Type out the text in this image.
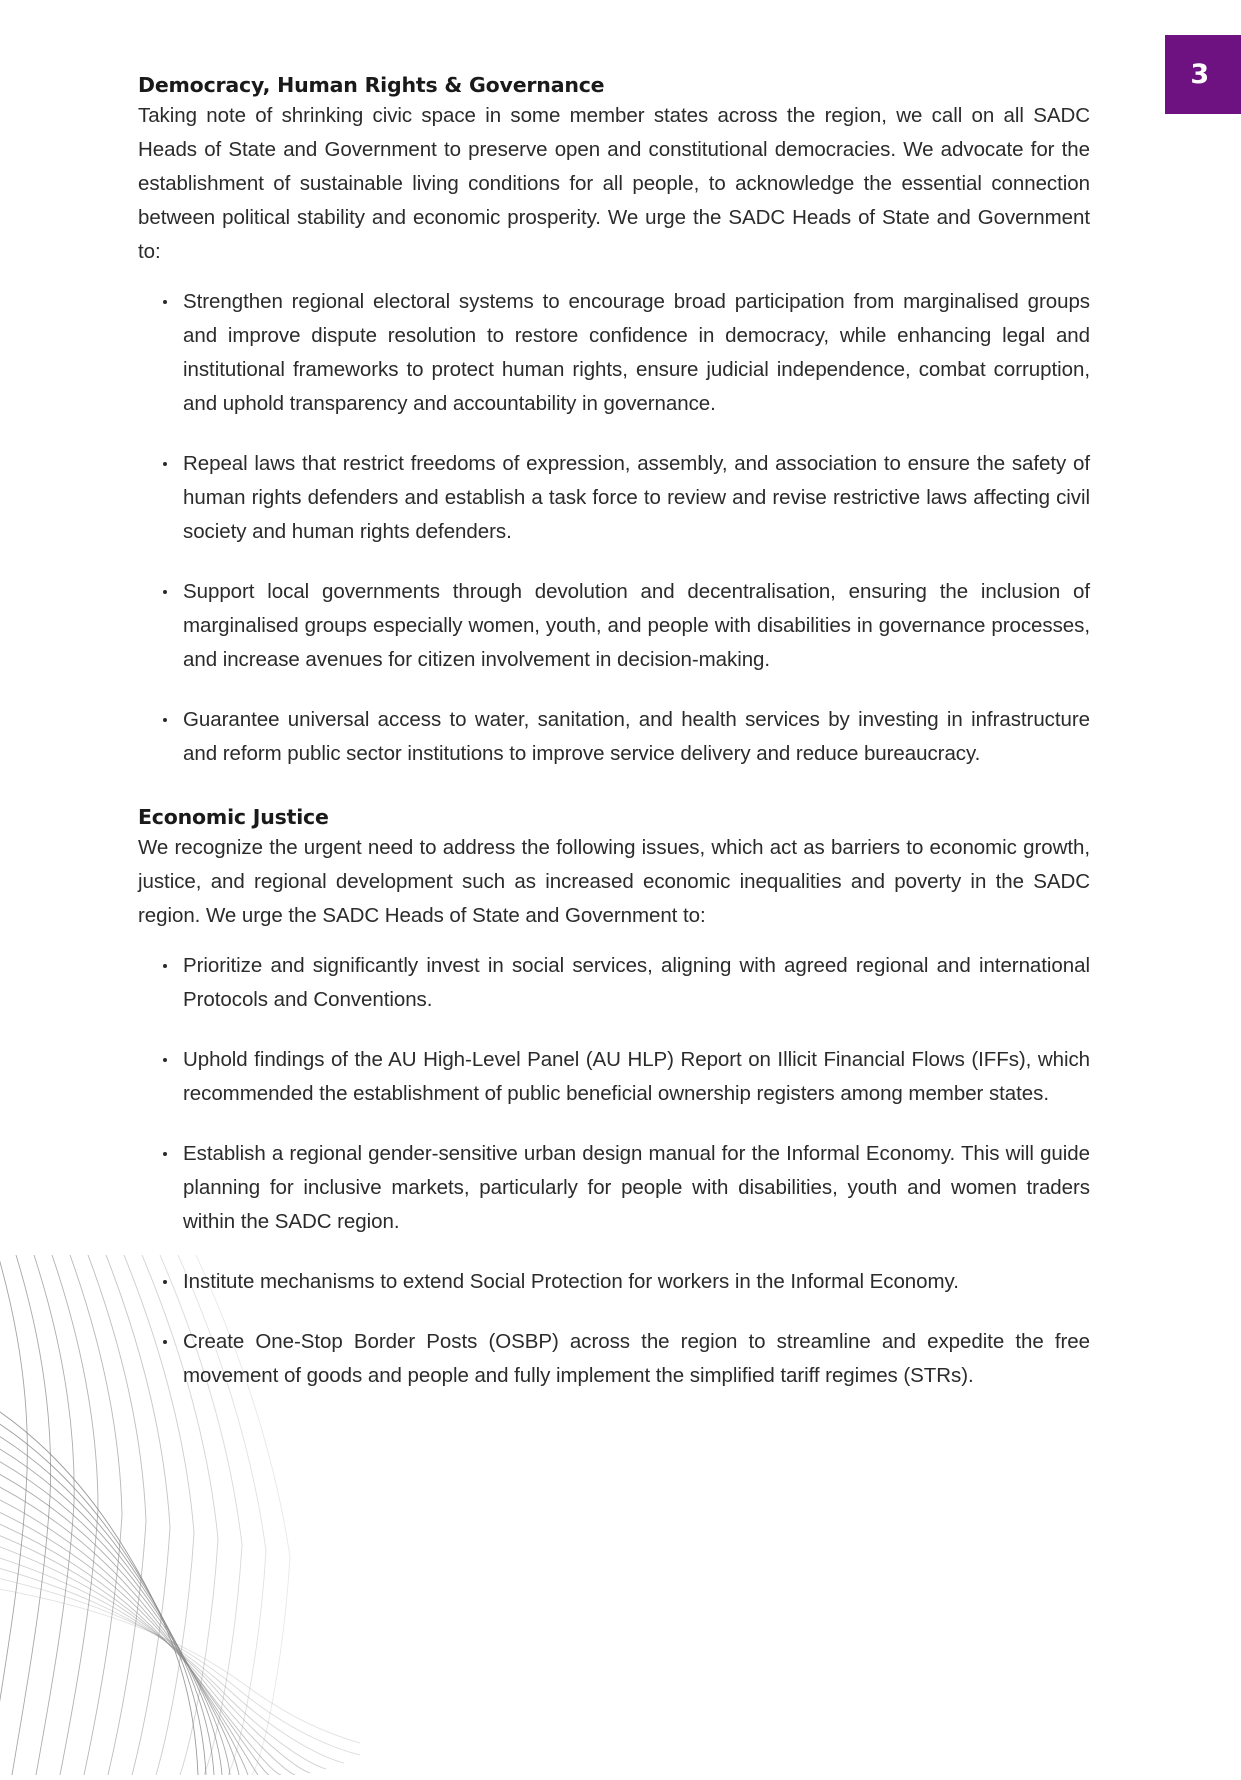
3
Democracy, Human Rights & Governance

Taking note of shrinking civic space in some member states across the region, we call on all SADC Heads of State and Government to preserve open and constitutional democracies. We advocate for the establishment of sustainable living conditions for all people, to acknowledge the essential connection between political stability and economic prosperity. We urge the SADC Heads of State and Government to:

Strengthen regional electoral systems to encourage broad participation from marginalised groups and improve dispute resolution to restore confidence in democracy, while enhancing legal and institutional frameworks to protect human rights, ensure judicial independence, combat corruption, and uphold transparency and accountability in governance.
Repeal laws that restrict freedoms of expression, assembly, and association to ensure the safety of human rights defenders and establish a task force to review and revise restrictive laws affecting civil society and human rights defenders.
Support local governments through devolution and decentralisation, ensuring the inclusion of marginalised groups especially women, youth, and people with disabilities in governance processes, and increase avenues for citizen involvement in decision-making.
Guarantee universal access to water, sanitation, and health services by investing in infrastructure and reform public sector institutions to improve service delivery and reduce bureaucracy.
Economic Justice

We recognize the urgent need to address the following issues, which act as barriers to economic growth, justice, and regional development such as increased economic inequalities and poverty in the SADC region. We urge the SADC Heads of State and Government to:

Prioritize and significantly invest in social services, aligning with agreed regional and international Protocols and Conventions.
Uphold findings of the AU High-Level Panel (AU HLP) Report on Illicit Financial Flows (IFFs), which recommended the establishment of public beneficial ownership registers among member states.
Establish a regional gender-sensitive urban design manual for the Informal Economy. This will guide planning for inclusive markets, particularly for people with disabilities, youth and women traders within the SADC region.
Institute mechanisms to extend Social Protection for workers in the Informal Economy.
Create One-Stop Border Posts (OSBP) across the region to streamline and expedite the free movement of goods and people and fully implement the simplified tariff regimes (STRs).
